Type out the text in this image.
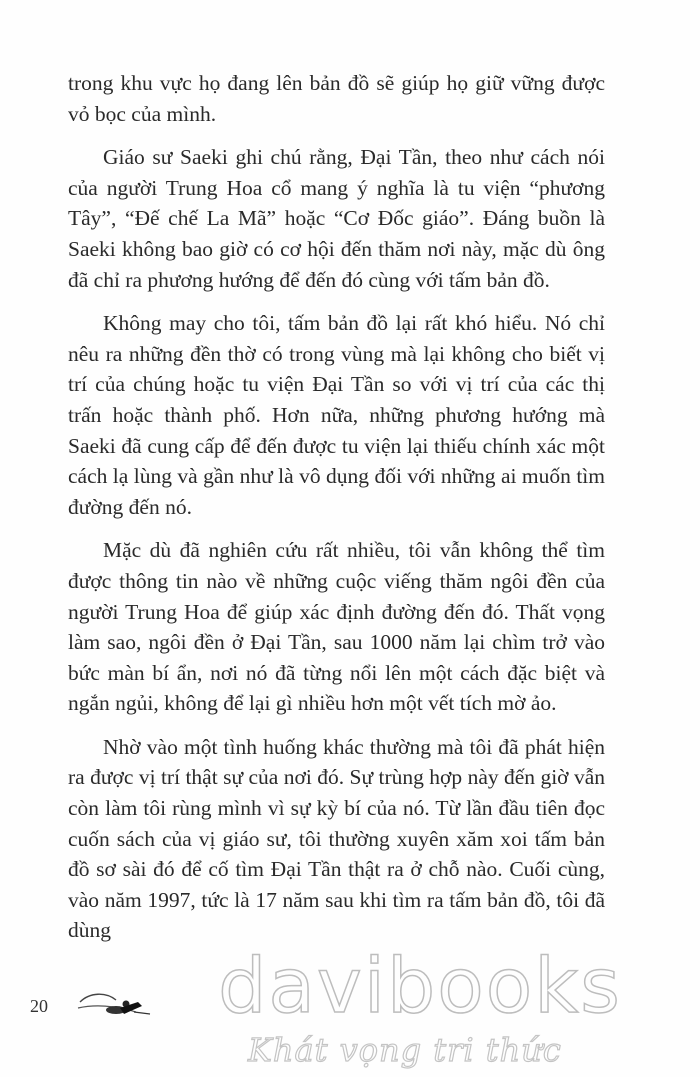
trong khu vực họ đang lên bản đồ sẽ giúp họ giữ vững được vỏ bọc của mình.

Giáo sư Saeki ghi chú rằng, Đại Tần, theo như cách nói của người Trung Hoa cổ mang ý nghĩa là tu viện “phương Tây”, “Đế chế La Mã” hoặc “Cơ Đốc giáo”. Đáng buồn là Saeki không bao giờ có cơ hội đến thăm nơi này, mặc dù ông đã chỉ ra phương hướng để đến đó cùng với tấm bản đồ.

Không may cho tôi, tấm bản đồ lại rất khó hiểu. Nó chỉ nêu ra những đền thờ có trong vùng mà lại không cho biết vị trí của chúng hoặc tu viện Đại Tần so với vị trí của các thị trấn hoặc thành phố. Hơn nữa, những phương hướng mà Saeki đã cung cấp để đến được tu viện lại thiếu chính xác một cách lạ lùng và gần như là vô dụng đối với những ai muốn tìm đường đến nó.

Mặc dù đã nghiên cứu rất nhiều, tôi vẫn không thể tìm được thông tin nào về những cuộc viếng thăm ngôi đền của người Trung Hoa để giúp xác định đường đến đó. Thất vọng làm sao, ngôi đền ở Đại Tần, sau 1000 năm lại chìm trở vào bức màn bí ẩn, nơi nó đã từng nổi lên một cách đặc biệt và ngắn ngủi, không để lại gì nhiều hơn một vết tích mờ ảo.

Nhờ vào một tình huống khác thường mà tôi đã phát hiện ra được vị trí thật sự của nơi đó. Sự trùng hợp này đến giờ vẫn còn làm tôi rùng mình vì sự kỳ bí của nó. Từ lần đầu tiên đọc cuốn sách của vị giáo sư, tôi thường xuyên xăm xoi tấm bản đồ sơ sài đó để cố tìm Đại Tần thật ra ở chỗ nào. Cuối cùng, vào năm 1997, tức là 17 năm sau khi tìm ra tấm bản đồ, tôi đã dùng

20	davibooks
Khát vọng tri thức
